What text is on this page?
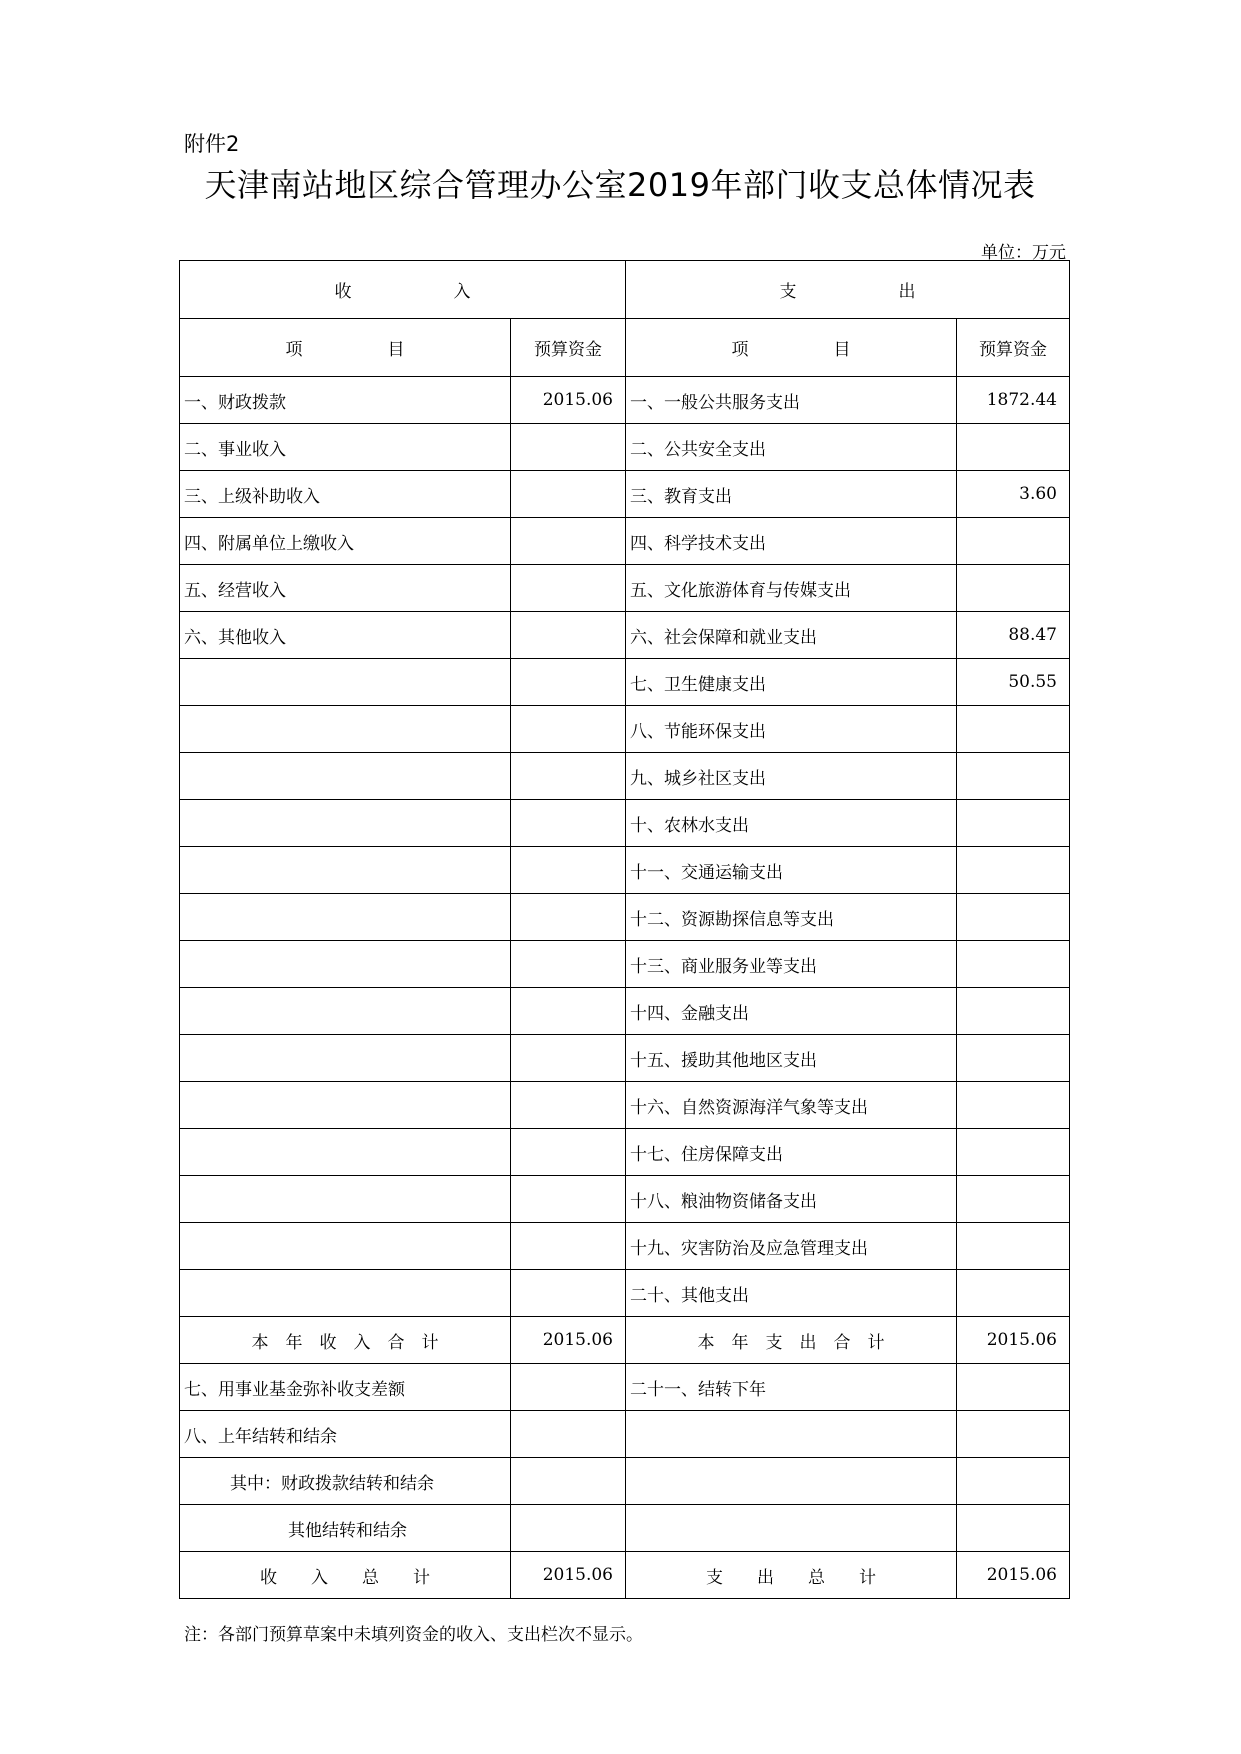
附件2
天津南站地区综合管理办公室2019年部门收支总体情况表
单位：万元
收　　　　　　入		支　　　　　　出	
项　　　　　目	预算资金	项　　　　　目	预算资金
一、财政拨款	2015.06	一、一般公共服务支出	1872.44
二、事业收入		二、公共安全支出	
三、上级补助收入		三、教育支出	3.60
四、附属单位上缴收入		四、科学技术支出	
五、经营收入		五、文化旅游体育与传媒支出	
六、其他收入		六、社会保障和就业支出	88.47
		七、卫生健康支出	50.55
		八、节能环保支出	
		九、城乡社区支出	
		十、农林水支出	
		十一、交通运输支出	
		十二、资源勘探信息等支出	
		十三、商业服务业等支出	
		十四、金融支出	
		十五、援助其他地区支出	
		十六、自然资源海洋气象等支出	
		十七、住房保障支出	
		十八、粮油物资储备支出	
		十九、灾害防治及应急管理支出	
		二十、其他支出	
本　年　收　入　合　计	2015.06	本　年　支　出　合　计	2015.06
七、用事业基金弥补收支差额		二十一、结转下年	
八、上年结转和结余			
其中：财政拨款结转和结余			
其他结转和结余			
收　　入　　总　　计	2015.06	支　　出　　总　　计	2015.06
注：各部门预算草案中未填列资金的收入、支出栏次不显示。
